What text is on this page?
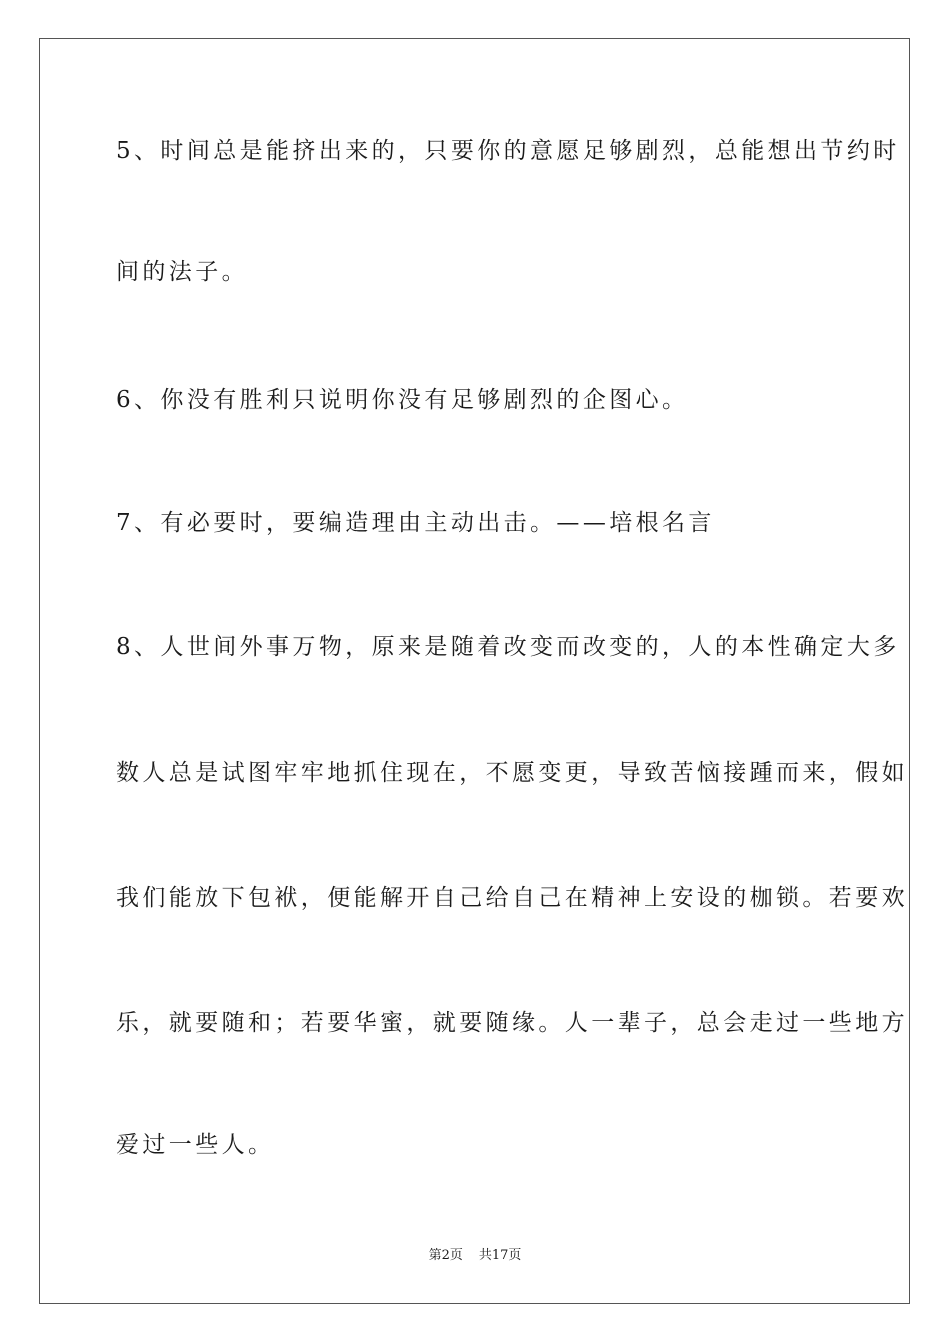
5、时间总是能挤出来的，只要你的意愿足够剧烈，总能想出节约时
间的法子。
6、你没有胜利只说明你没有足够剧烈的企图心。
7、有必要时，要编造理由主动出击。——培根名言
8、人世间外事万物，原来是随着改变而改变的，人的本性确定大多
数人总是试图牢牢地抓住现在，不愿变更，导致苦恼接踵而来，假如
我们能放下包袱，便能解开自己给自己在精神上安设的枷锁。若要欢
乐，就要随和；若要华蜜，就要随缘。人一辈子，总会走过一些地方
爱过一些人。
第2页 共17页
